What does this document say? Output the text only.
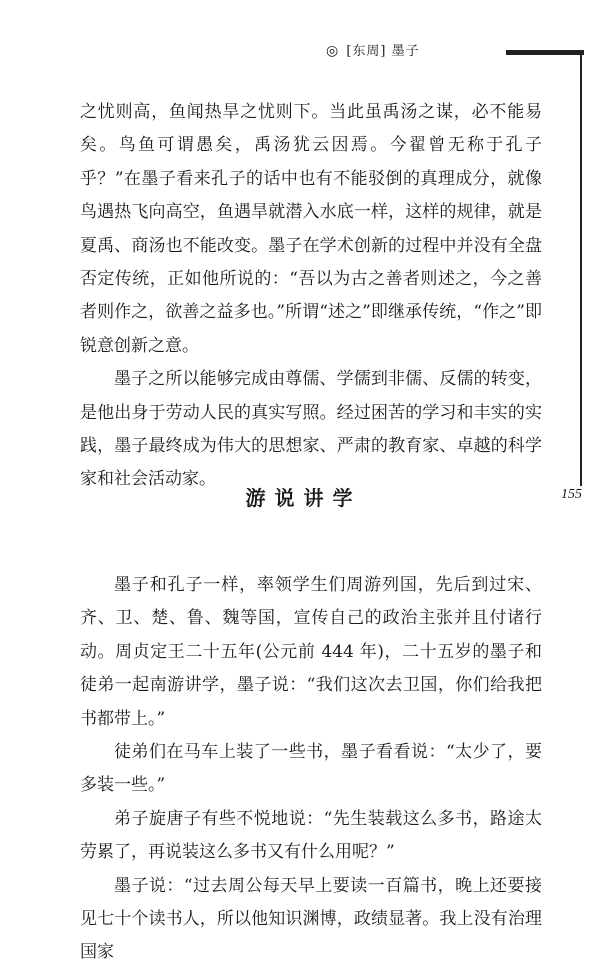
◎ [东周] 墨子
155

之忧则高，鱼闻热旱之忧则下。当此虽禹汤之谋，必不能易矣。鸟鱼可谓愚矣，禹汤犹云因焉。今翟曾无称于孔子乎？”在墨子看来孔子的话中也有不能驳倒的真理成分，就像鸟遇热飞向高空，鱼遇旱就潜入水底一样，这样的规律，就是夏禹、商汤也不能改变。墨子在学术创新的过程中并没有全盘否定传统，正如他所说的：“吾以为古之善者则述之，今之善者则作之，欲善之益多也。”所谓“述之”即继承传统，“作之”即锐意创新之意。

墨子之所以能够完成由尊儒、学儒到非儒、反儒的转变，是他出身于劳动人民的真实写照。经过困苦的学习和丰实的实践，墨子最终成为伟大的思想家、严肃的教育家、卓越的科学家和社会活动家。

游说讲学

墨子和孔子一样，率领学生们周游列国，先后到过宋、齐、卫、楚、鲁、魏等国，宣传自己的政治主张并且付诸行动。周贞定王二十五年(公元前 444 年)，二十五岁的墨子和徒弟一起南游讲学，墨子说：“我们这次去卫国，你们给我把书都带上。”

徒弟们在马车上装了一些书，墨子看看说：“太少了，要多装一些。”

弟子旋唐子有些不悦地说：“先生装载这么多书，路途太劳累了，再说装这么多书又有什么用呢？”

墨子说：“过去周公每天早上要读一百篇书，晚上还要接见七十个读书人，所以他知识渊博，政绩显著。我上没有治理国家
